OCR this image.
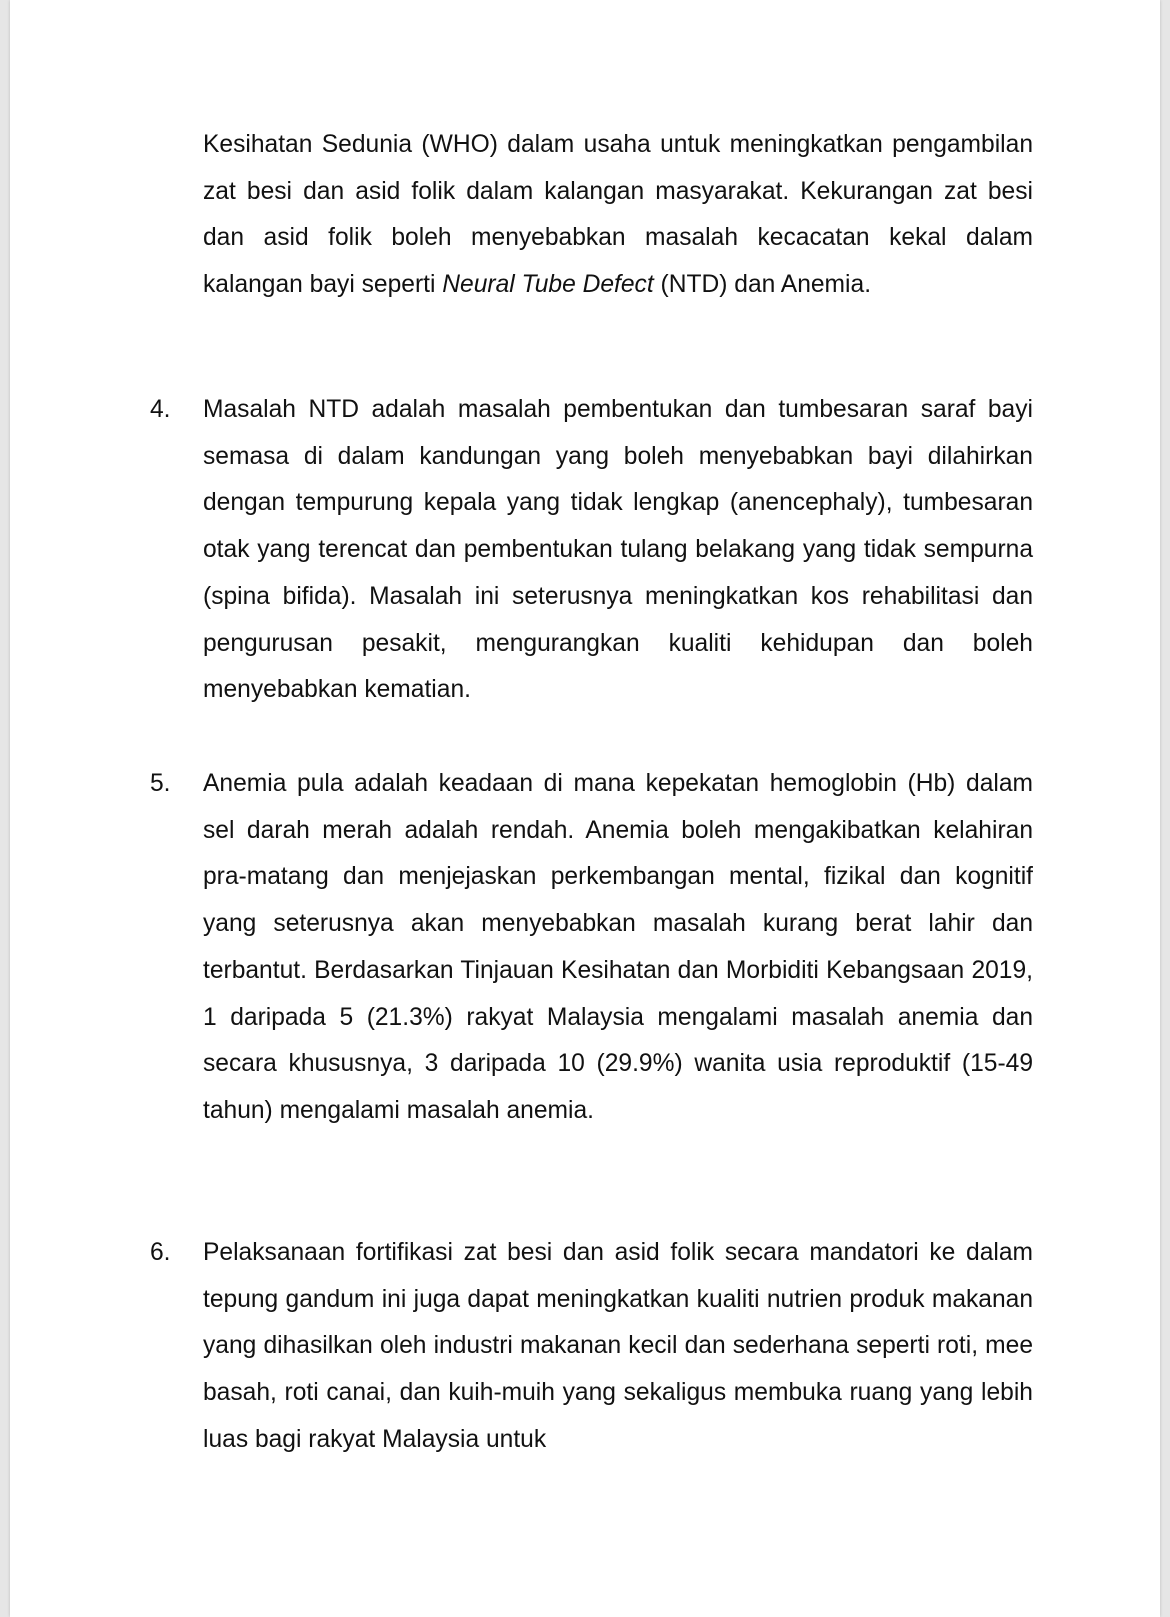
Kesihatan Sedunia (WHO) dalam usaha untuk meningkatkan pengambilan zat besi dan asid folik dalam kalangan masyarakat. Kekurangan zat besi dan asid folik boleh menyebabkan masalah kecacatan kekal dalam kalangan bayi seperti Neural Tube Defect (NTD) dan Anemia.

4. Masalah NTD adalah masalah pembentukan dan tumbesaran saraf bayi semasa di dalam kandungan yang boleh menyebabkan bayi dilahirkan dengan tempurung kepala yang tidak lengkap (anencephaly), tumbesaran otak yang terencat dan pembentukan tulang belakang yang tidak sempurna (spina bifida). Masalah ini seterusnya meningkatkan kos rehabilitasi dan pengurusan pesakit, mengurangkan kualiti kehidupan dan boleh menyebabkan kematian.

5. Anemia pula adalah keadaan di mana kepekatan hemoglobin (Hb) dalam sel darah merah adalah rendah. Anemia boleh mengakibatkan kelahiran pra-matang dan menjejaskan perkembangan mental, fizikal dan kognitif yang seterusnya akan menyebabkan masalah kurang berat lahir dan terbantut. Berdasarkan Tinjauan Kesihatan dan Morbiditi Kebangsaan 2019, 1 daripada 5 (21.3%) rakyat Malaysia mengalami masalah anemia dan secara khususnya, 3 daripada 10 (29.9%) wanita usia reproduktif (15-49 tahun) mengalami masalah anemia.

6. Pelaksanaan fortifikasi zat besi dan asid folik secara mandatori ke dalam tepung gandum ini juga dapat meningkatkan kualiti nutrien produk makanan yang dihasilkan oleh industri makanan kecil dan sederhana seperti roti, mee basah, roti canai, dan kuih-muih yang sekaligus membuka ruang yang lebih luas bagi rakyat Malaysia untuk
